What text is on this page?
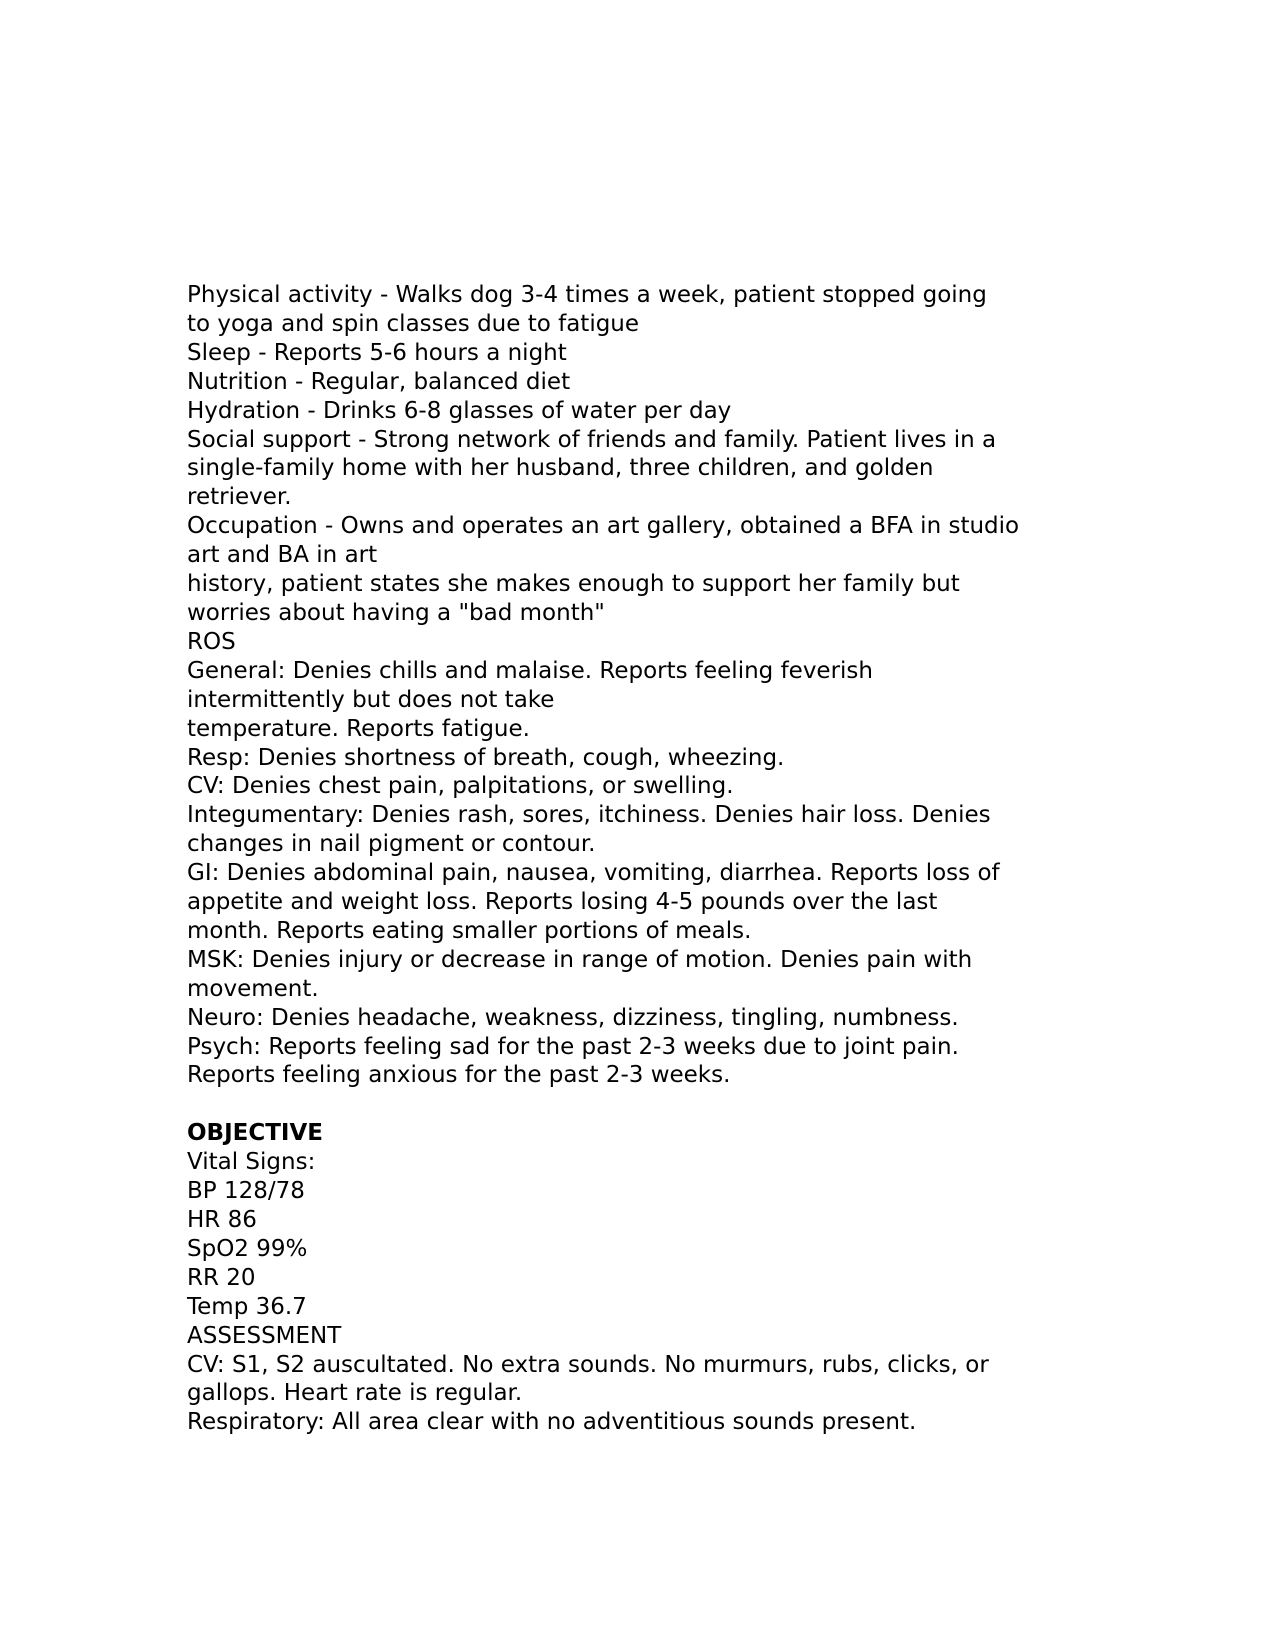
Physical activity - Walks dog 3-4 times a week, patient stopped going
to yoga and spin classes due to fatigue
Sleep - Reports 5-6 hours a night
Nutrition - Regular, balanced diet
Hydration - Drinks 6-8 glasses of water per day
Social support - Strong network of friends and family. Patient lives in a
single-family home with her husband, three children, and golden
retriever.
Occupation - Owns and operates an art gallery, obtained a BFA in studio
art and BA in art
history, patient states she makes enough to support her family but
worries about having a "bad month"
ROS
General: Denies chills and malaise. Reports feeling feverish
intermittently but does not take
temperature. Reports fatigue.
Resp: Denies shortness of breath, cough, wheezing.
CV: Denies chest pain, palpitations, or swelling.
Integumentary: Denies rash, sores, itchiness. Denies hair loss. Denies
changes in nail pigment or contour.
GI: Denies abdominal pain, nausea, vomiting, diarrhea. Reports loss of
appetite and weight loss. Reports losing 4-5 pounds over the last
month. Reports eating smaller portions of meals.
MSK: Denies injury or decrease in range of motion. Denies pain with
movement.
Neuro: Denies headache, weakness, dizziness, tingling, numbness.
Psych: Reports feeling sad for the past 2-3 weeks due to joint pain.
Reports feeling anxious for the past 2-3 weeks.
OBJECTIVE
Vital Signs:
BP 128/78
HR 86
SpO2 99%
RR 20
Temp 36.7
ASSESSMENT
CV: S1, S2 auscultated. No extra sounds. No murmurs, rubs, clicks, or
gallops. Heart rate is regular.
Respiratory: All area clear with no adventitious sounds present.
